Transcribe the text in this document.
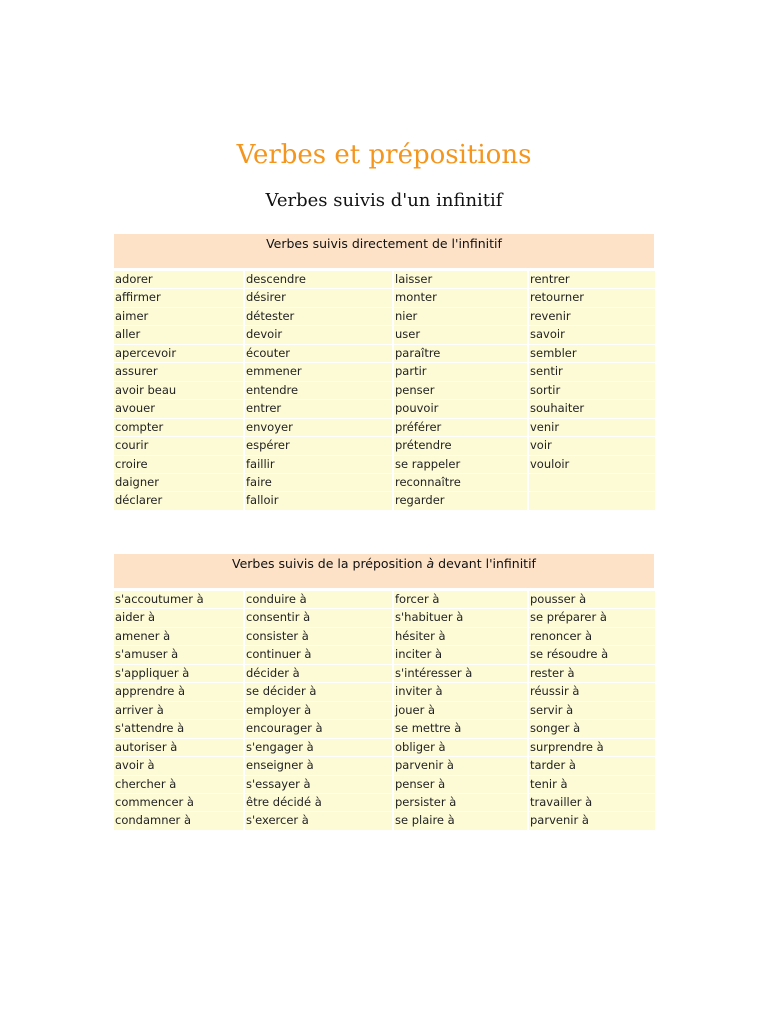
Verbes et prépositions
Verbes suivis d'un infinitif
Verbes suivis directement de l'infinitif
adorer	descendre	laisser	rentrer
affirmer	désirer	monter	retourner
aimer	détester	nier	revenir
aller	devoir	user	savoir
apercevoir	écouter	paraître	sembler
assurer	emmener	partir	sentir
avoir beau	entendre	penser	sortir
avouer	entrer	pouvoir	souhaiter
compter	envoyer	préférer	venir
courir	espérer	prétendre	voir
croire	faillir	se rappeler	vouloir
daigner	faire	reconnaître
déclarer	falloir	regarder
Verbes suivis de la préposition à devant l'infinitif
s'accoutumer à	conduire à	forcer à	pousser à
aider à	consentir à	s'habituer à	se préparer à
amener à	consister à	hésiter à	renoncer à
s'amuser à	continuer à	inciter à	se résoudre à
s'appliquer à	décider à	s'intéresser à	rester à
apprendre à	se décider à	inviter à	réussir à
arriver à	employer à	jouer à	servir à
s'attendre à	encourager à	se mettre à	songer à
autoriser à	s'engager à	obliger à	surprendre à
avoir à	enseigner à	parvenir à	tarder à
chercher à	s'essayer à	penser à	tenir à
commencer à	être décidé à	persister à	travailler à
condamner à	s'exercer à	se plaire à	parvenir à
